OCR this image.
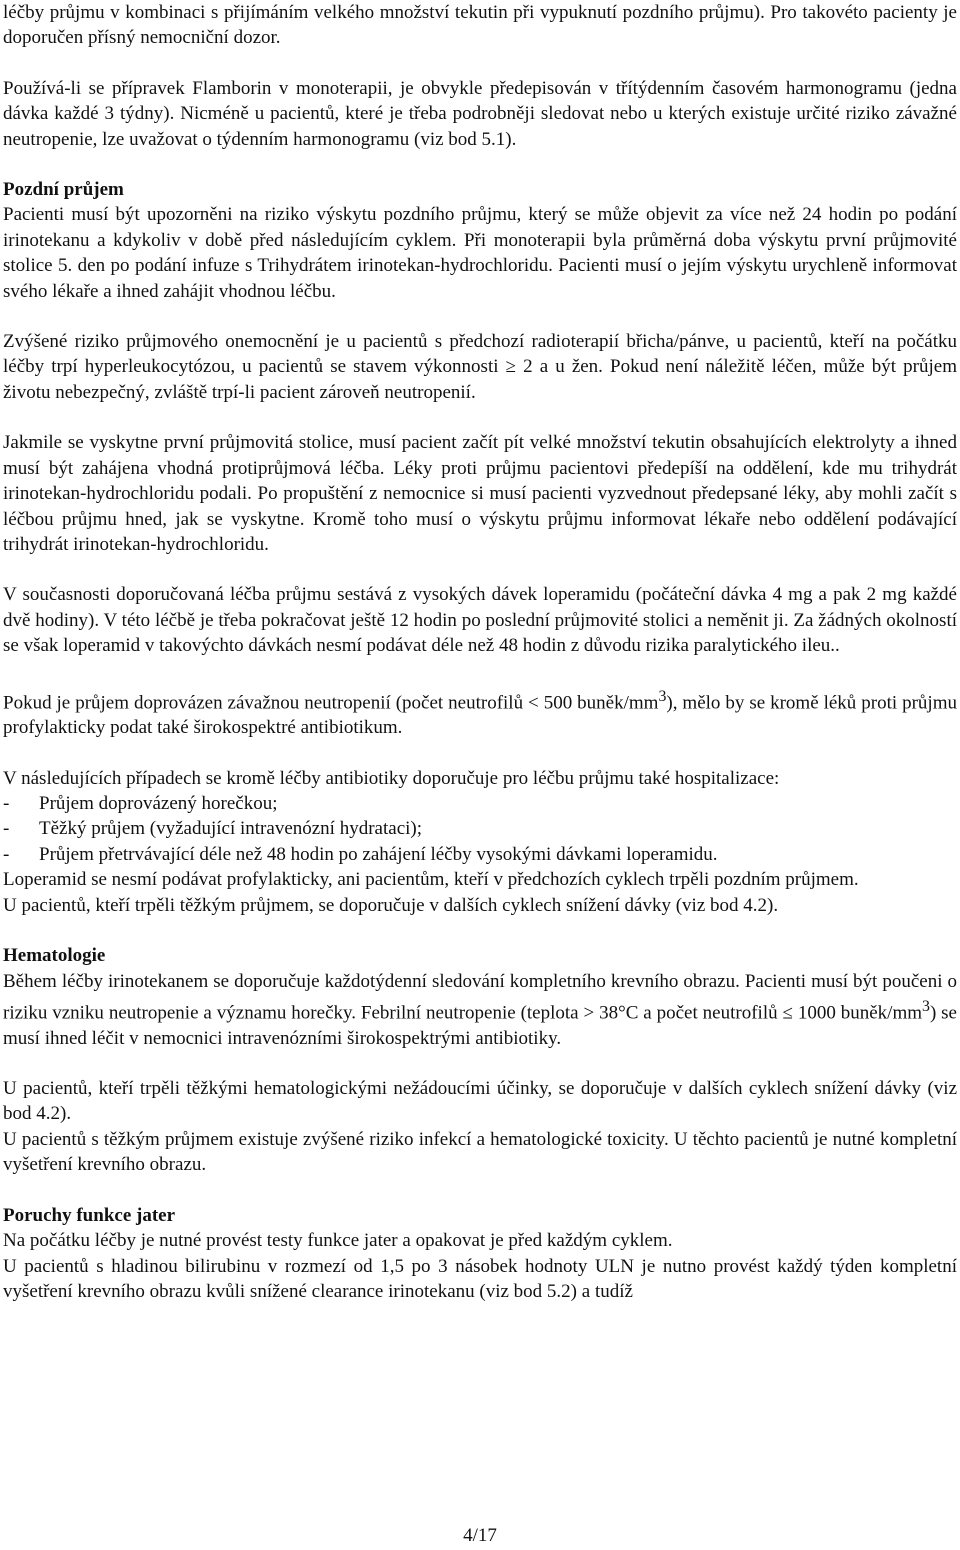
léčby průjmu v kombinaci s přijímáním velkého množství tekutin při vypuknutí pozdního průjmu). Pro takovéto pacienty je doporučen přísný nemocniční dozor.

Používá-li se přípravek Flamborin v monoterapii, je obvykle předepisován v třítýdenním časovém harmonogramu (jedna dávka každé 3 týdny). Nicméně u pacientů, které je třeba podrobněji sledovat nebo u kterých existuje určité riziko závažné neutropenie, lze uvažovat o týdenním harmonogramu (viz bod 5.1).

Pozdní průjem

Pacienti musí být upozorněni na riziko výskytu pozdního průjmu, který se může objevit za více než 24 hodin po podání irinotekanu a kdykoliv v době před následujícím cyklem. Při monoterapii byla průměrná doba výskytu první průjmovité stolice 5. den po podání infuze s Trihydrátem irinotekan-hydrochloridu. Pacienti musí o jejím výskytu urychleně informovat svého lékaře a ihned zahájit vhodnou léčbu.

Zvýšené riziko průjmového onemocnění je u pacientů s předchozí radioterapií břicha/pánve, u pacientů, kteří na počátku léčby trpí hyperleukocytózou, u pacientů se stavem výkonnosti ≥ 2 a u žen. Pokud není náležitě léčen, může být průjem životu nebezpečný, zvláště trpí-li pacient zároveň neutropenií.

Jakmile se vyskytne první průjmovitá stolice, musí pacient začít pít velké množství tekutin obsahujících elektrolyty a ihned musí být zahájena vhodná protiprůjmová léčba. Léky proti průjmu pacientovi předepíší na oddělení, kde mu trihydrát irinotekan-hydrochloridu podali. Po propuštění z nemocnice si musí pacienti vyzvednout předepsané léky, aby mohli začít s léčbou průjmu hned, jak se vyskytne. Kromě toho musí o výskytu průjmu informovat lékaře nebo oddělení podávající trihydrát irinotekan-hydrochloridu.

V současnosti doporučovaná léčba průjmu sestává z vysokých dávek loperamidu (počáteční dávka 4 mg a pak 2 mg každé dvě hodiny). V této léčbě je třeba pokračovat ještě 12 hodin po poslední průjmovité stolici a neměnit ji. Za žádných okolností se však loperamid v takovýchto dávkách nesmí podávat déle než 48 hodin z důvodu rizika paralytického ileu..

Pokud je průjem doprovázen závažnou neutropenií (počet neutrofilů < 500 buněk/$mm^3$), mělo by se kromě léků proti průjmu profylakticky podat také širokospektré antibiotikum.

V následujících případech se kromě léčby antibiotiky doporučuje pro léčbu průjmu také hospitalizace:

- Průjem doprovázený horečkou;
- Těžký průjem (vyžadující intravenózní hydrataci);
- Průjem přetrvávající déle než 48 hodin po zahájení léčby vysokými dávkami loperamidu.

Loperamid se nesmí podávat profylakticky, ani pacientům, kteří v předchozích cyklech trpěli pozdním průjmem.

U pacientů, kteří trpěli těžkým průjmem, se doporučuje v dalších cyklech snížení dávky (viz bod 4.2).

Hematologie

Během léčby irinotekanem se doporučuje každotýdenní sledování kompletního krevního obrazu. Pacienti musí být poučeni o riziku vzniku neutropenie a významu horečky. Febrilní neutropenie (teplota > 38°C a počet neutrofilů ≤ 1000 buněk/$mm^3$) se musí ihned léčit v nemocnici intravenózními širokospektrými antibiotiky.

U pacientů, kteří trpěli těžkými hematologickými nežádoucími účinky, se doporučuje v dalších cyklech snížení dávky (viz bod 4.2).

U pacientů s těžkým průjmem existuje zvýšené riziko infekcí a hematologické toxicity. U těchto pacientů je nutné kompletní vyšetření krevního obrazu.

Poruchy funkce jater

Na počátku léčby je nutné provést testy funkce jater a opakovat je před každým cyklem.

U pacientů s hladinou bilirubinu v rozmezí od 1,5 po 3 násobek hodnoty ULN je nutno provést každý týden kompletní vyšetření krevního obrazu kvůli snížené clearance irinotekanu (viz bod 5.2) a tudíž

4/17
